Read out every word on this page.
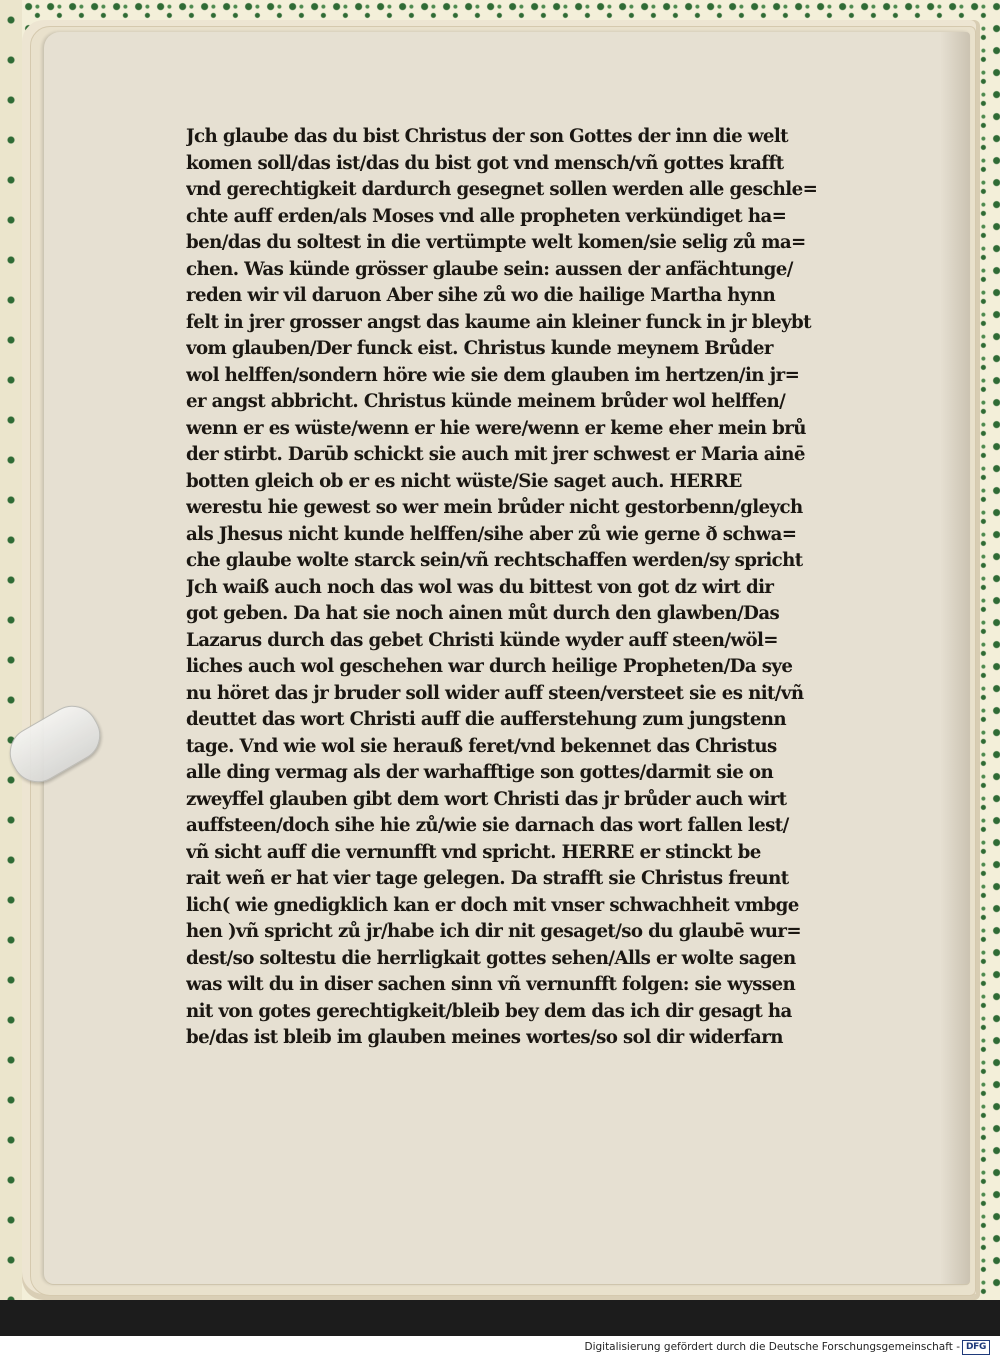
Jch glaube das du bist Christus der son Gottes der inn die welt
komen soll/das ist/das du bist got vnd mensch/vñ gottes krafft
vnd gerechtigkeit dardurch gesegnet sollen werden alle geschle=
chte auff erden/als Moses vnd alle propheten verkündiget ha=
ben/das du soltest in die vertümpte welt komen/sie selig zů ma=
chen. Was künde grösser glaube sein: aussen der anfächtunge/
reden wir vil daruon Aber sihe zů wo die hailige Martha hynn
felt in jrer grosser angst das kaume ain kleiner funck in jr bleybt
vom glauben/Der funck eist. Christus kunde meynem Brůder
wol helffen/sondern höre wie sie dem glauben im hertzen/in jr=
er angst abbricht. Christus künde meinem brůder wol helffen/
wenn er es wüste/wenn er hie were/wenn er keme eher mein brů
der stirbt. Darūb schickt sie auch mit jrer schwest er Maria ainē
botten gleich ob er es nicht wüste/Sie saget auch. HERRE
werestu hie gewest so wer mein brůder nicht gestorbenn/gleych
als Jhesus nicht kunde helffen/sihe aber zů wie gerne ð schwa=
che glaube wolte starck sein/vñ rechtschaffen werden/sy spricht
Jch waiß auch noch das wol was du bittest von got dz wirt dir
got geben. Da hat sie noch ainen můt durch den glawben/Das
Lazarus durch das gebet Christi künde wyder auff steen/wöl=
liches auch wol geschehen war durch heilige Propheten/Da sye
nu höret das jr bruder soll wider auff steen/versteet sie es nit/vñ
deuttet das wort Christi auff die aufferstehung zum jungstenn
tage. Vnd wie wol sie herauß feret/vnd bekennet das Christus
alle ding vermag als der warhafftige son gottes/darmit sie on
zweyffel glauben gibt dem wort Christi das jr brůder auch wirt
auffsteen/doch sihe hie zů/wie sie darnach das wort fallen lest/
vñ sicht auff die vernunfft vnd spricht. HERRE er stinckt be
rait weñ er hat vier tage gelegen. Da strafft sie Christus freunt
lich( wie gnedigklich kan er doch mit vnser schwachheit vmbge
hen )vñ spricht zů jr/habe ich dir nit gesaget/so du glaubē wur=
dest/so soltestu die herrligkait gottes sehen/Alls er wolte sagen
was wilt du in diser sachen sinn vñ vernunfft folgen: sie wyssen
nit von gotes gerechtigkeit/bleib bey dem das ich dir gesagt ha
be/das ist bleib im glauben meines wortes/so sol dir widerfarn
Digitalisierung gefördert durch die Deutsche Forschungsgemeinschaft - DFG
